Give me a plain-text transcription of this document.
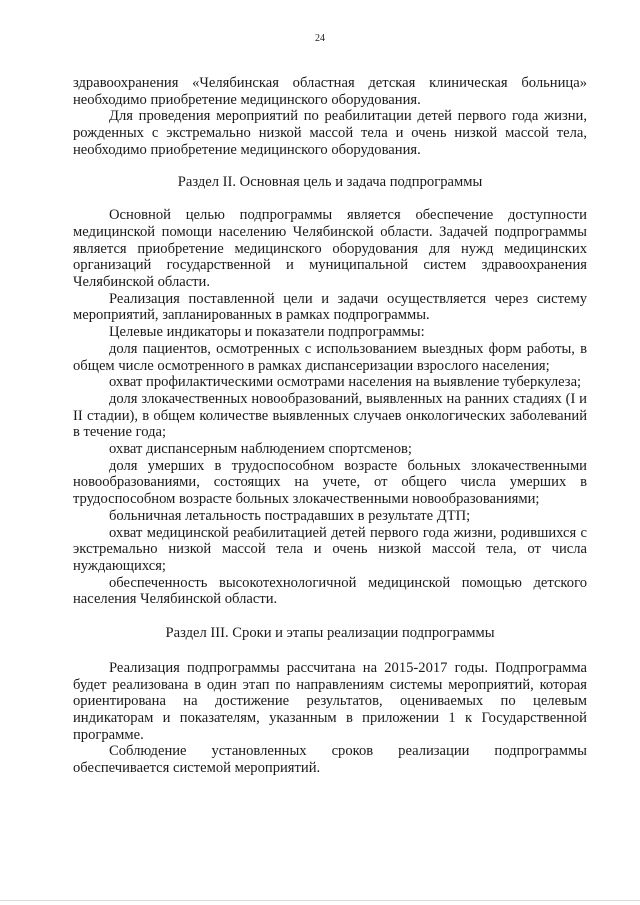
24

здравоохранения «Челябинская областная детская клиническая больница» необходимо приобретение медицинского оборудования.

Для проведения мероприятий по реабилитации детей первого года жизни, рожденных с экстремально низкой массой тела и очень низкой массой тела, необходимо приобретение медицинского оборудования.

Раздел II. Основная цель и задача подпрограммы

Основной целью подпрограммы является обеспечение доступности медицинской помощи населению Челябинской области. Задачей подпрограммы является приобретение медицинского оборудования для нужд медицинских организаций государственной и муниципальной систем здравоохранения Челябинской области.

Реализация поставленной цели и задачи осуществляется через систему мероприятий, запланированных в рамках подпрограммы.

Целевые индикаторы и показатели подпрограммы:

доля пациентов, осмотренных с использованием выездных форм работы, в общем числе осмотренного в рамках диспансеризации взрослого населения;

охват профилактическими осмотрами населения на выявление туберкулеза;

доля злокачественных новообразований, выявленных на ранних стадиях (I и II стадии), в общем количестве выявленных случаев онкологических заболеваний в течение года;

охват диспансерным наблюдением спортсменов;

доля умерших в трудоспособном возрасте больных злокачественными новообразованиями, состоящих на учете, от общего числа умерших в трудоспособном возрасте больных злокачественными новообразованиями;

больничная летальность пострадавших в результате ДТП;

охват медицинской реабилитацией детей первого года жизни, родившихся с экстремально низкой массой тела и очень низкой массой тела, от числа нуждающихся;

обеспеченность высокотехнологичной медицинской помощью детского населения Челябинской области.

Раздел III. Сроки и этапы реализации подпрограммы

Реализация подпрограммы рассчитана на 2015-2017 годы. Подпрограмма будет реализована в один этап по направлениям системы мероприятий, которая ориентирована на достижение результатов, оцениваемых по целевым индикаторам и показателям, указанным в приложении 1 к Государственной программе.

Соблюдение установленных сроков реализации подпрограммы обеспечивается системой мероприятий.
